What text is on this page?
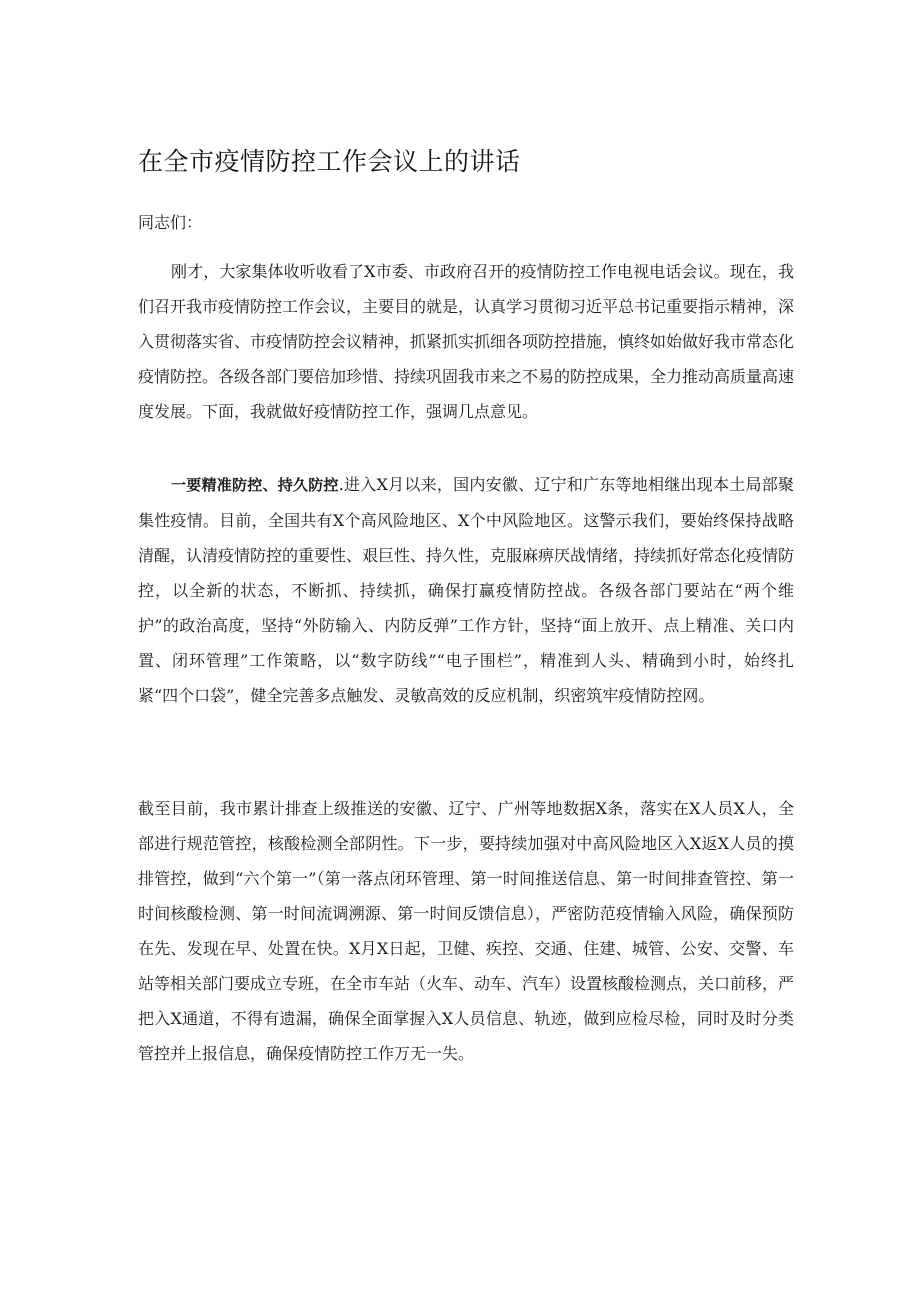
在全市疫情防控工作会议上的讲话

同志们：

刚才，大家集体收听收看了X市委、市政府召开的疫情防控工作电视电话会议。现在，我们召开我市疫情防控工作会议，主要目的就是，认真学习贯彻习近平总书记重要指示精神，深入贯彻落实省、市疫情防控会议精神，抓紧抓实抓细各项防控措施，慎终如始做好我市常态化疫情防控。各级各部门要倍加珍惜、持续巩固我市来之不易的防控成果，全力推动高质量高速度发展。下面，我就做好疫情防控工作，强调几点意见。

一要精准防控、持久防控.进入X月以来，国内安徽、辽宁和广东等地相继出现本土局部聚集性疫情。目前，全国共有X个高风险地区、X个中风险地区。这警示我们，要始终保持战略清醒，认清疫情防控的重要性、艰巨性、持久性，克服麻痹厌战情绪，持续抓好常态化疫情防控，以全新的状态，不断抓、持续抓，确保打赢疫情防控战。各级各部门要站在“两个维护”的政治高度，坚持“外防输入、内防反弹”工作方针，坚持“面上放开、点上精准、关口内置、闭环管理”工作策略，以“数字防线”“电子围栏”，精准到人头、精确到小时，始终扎紧“四个口袋”，健全完善多点触发、灵敏高效的反应机制，织密筑牢疫情防控网。

截至目前，我市累计排查上级推送的安徽、辽宁、广州等地数据X条，落实在X人员X人，全部进行规范管控，核酸检测全部阴性。下一步，要持续加强对中高风险地区入X返X人员的摸排管控，做到“六个第一”（第一落点闭环管理、第一时间推送信息、第一时间排查管控、第一时间核酸检测、第一时间流调溯源、第一时间反馈信息），严密防范疫情输入风险，确保预防在先、发现在早、处置在快。X月X日起，卫健、疾控、交通、住建、城管、公安、交警、车站等相关部门要成立专班，在全市车站（火车、动车、汽车）设置核酸检测点，关口前移，严把入X通道，不得有遗漏，确保全面掌握入X人员信息、轨迹，做到应检尽检，同时及时分类管控并上报信息，确保疫情防控工作万无一失。
